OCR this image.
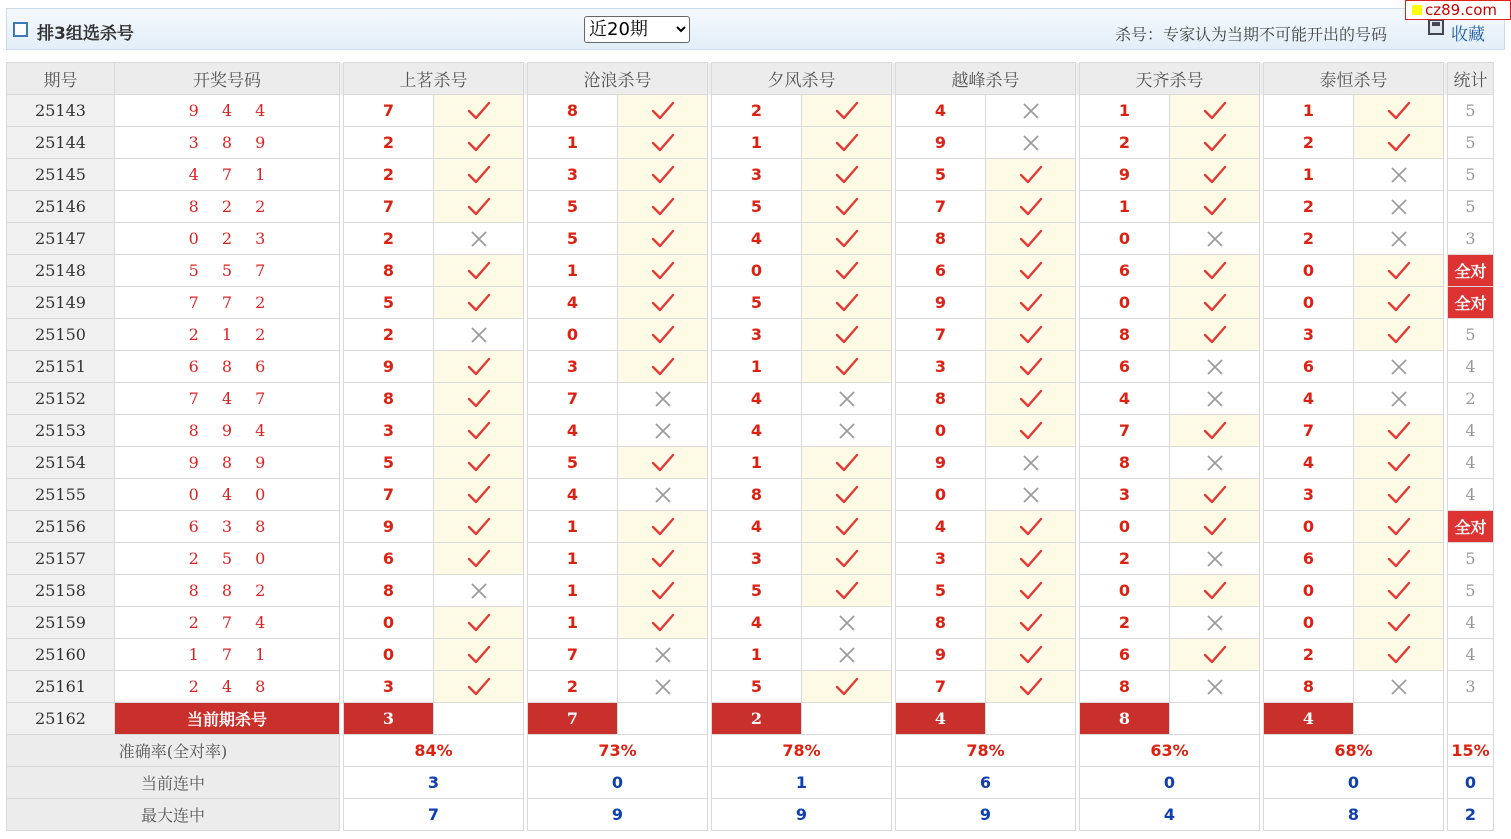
排3组选杀号
近20期	杀号：专家认为当期不可能开出的号码	收藏
cz89.com
期号	开奖号码		上茗杀号			沧浪杀号			夕风杀号			越峰杀号			天齐杀号			泰恒杀号			统计
25143	9 4 4		7			8			2			4			1			1			5
25144	3 8 9		2			1			1			9			2			2			5
25145	4 7 1		2			3			3			5			9			1			5
25146	8 2 2		7			5			5			7			1			2			5
25147	0 2 3		2			5			4			8			0			2			3
25148	5 5 7		8			1			0			6			6			0			全对
25149	7 7 2		5			4			5			9			0			0			全对
25150	2 1 2		2			0			3			7			8			3			5
25151	6 8 6		9			3			1			3			6			6			4
25152	7 4 7		8			7			4			8			4			4			2
25153	8 9 4		3			4			4			0			7			7			4
25154	9 8 9		5			5			1			9			8			4			4
25155	0 4 0		7			4			8			0			3			3			4
25156	6 3 8		9			1			4			4			0			0			全对
25157	2 5 0		6			1			3			3			2			6			5
25158	8 8 2		8			1			5			5			0			0			5
25159	2 7 4		0			1			4			8			2			0			4
25160	1 7 1		0			7			1			9			6			2			4
25161	2 4 8		3			2			5			7			8			8			3
25162	当前期杀号		3			7			2			4			8			4			
准确率(全对率)			84%			73%			78%			78%			63%			68%			15%
当前连中			3			0			1			6			0			0			0
最大连中			7			9			9			9			4			8			2
